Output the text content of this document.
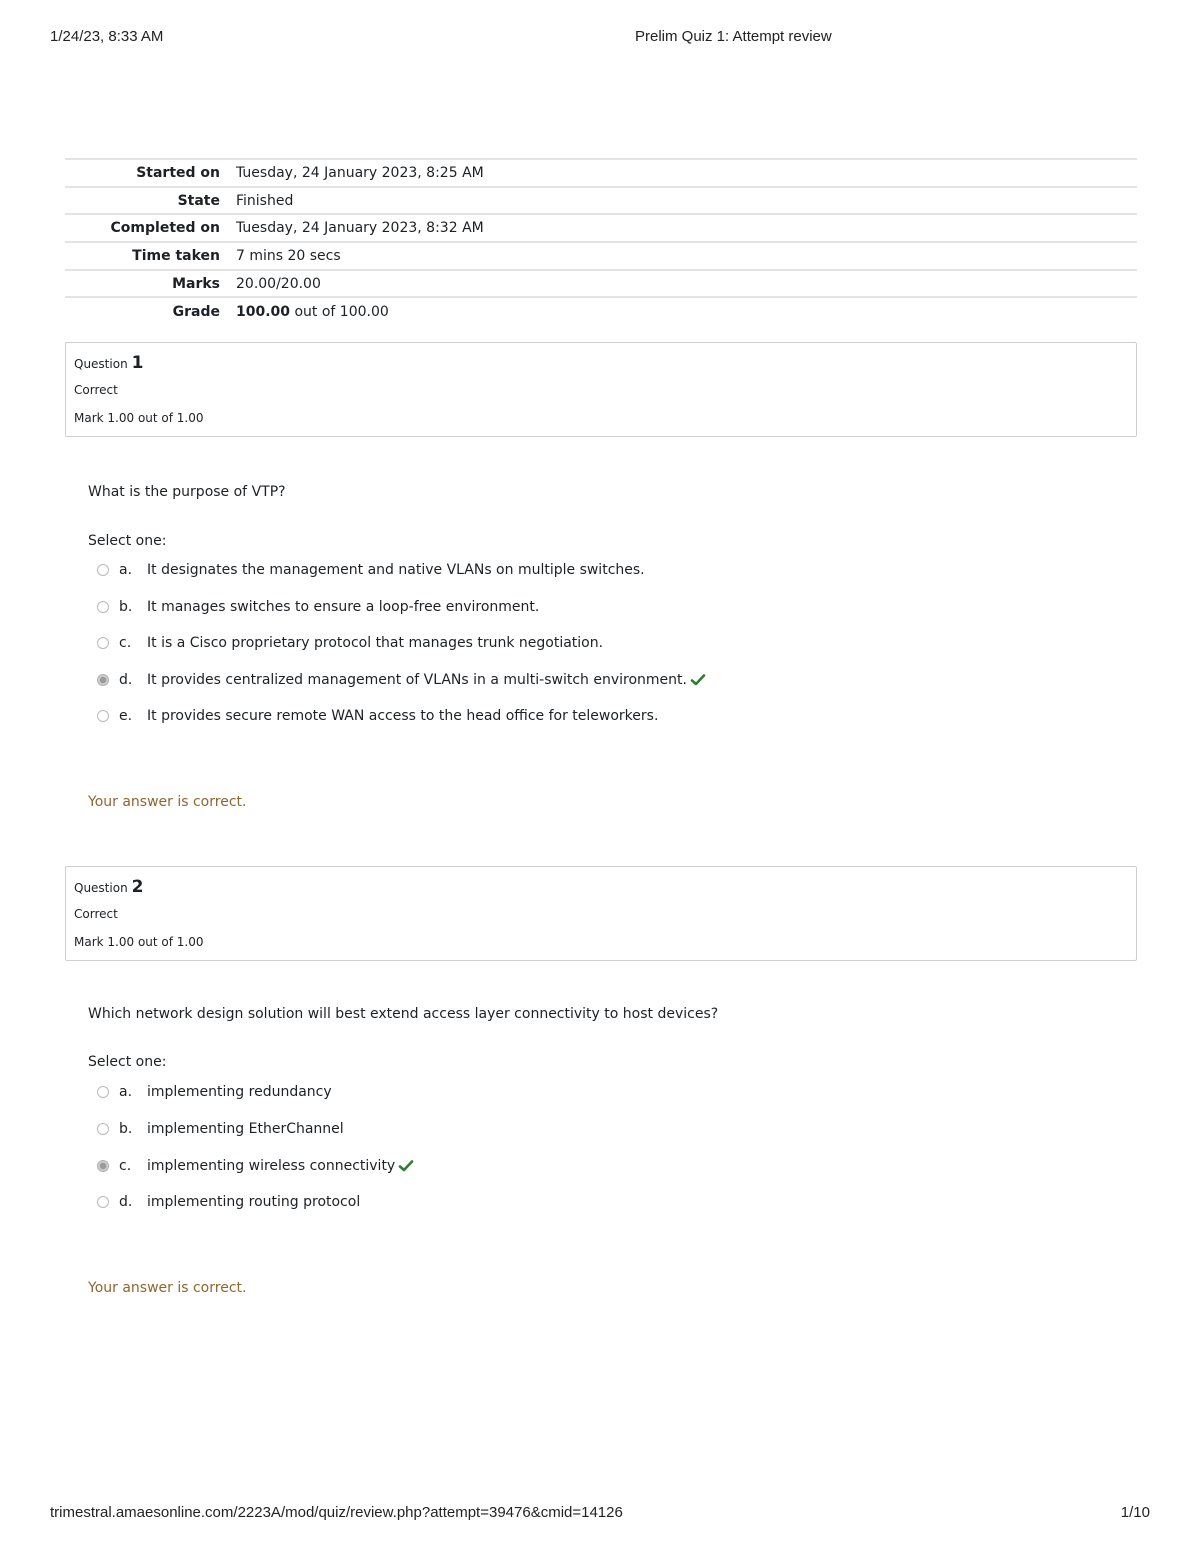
1/24/23, 8:33 AM	Prelim Quiz 1: Attempt review
Started on	Tuesday, 24 January 2023, 8:25 AM
State	Finished
Completed on	Tuesday, 24 January 2023, 8:32 AM
Time taken	7 mins 20 secs
Marks	20.00/20.00
Grade	100.00 out of 100.00
Question 1
Correct
Mark 1.00 out of 1.00
What is the purpose of VTP?
Select one:
a.	It designates the management and native VLANs on multiple switches.
b.	It manages switches to ensure a loop-free environment.
c.	It is a Cisco proprietary protocol that manages trunk negotiation.
d.	It provides centralized management of VLANs in a multi-switch environment.
e.	It provides secure remote WAN access to the head office for teleworkers.
Your answer is correct.
Question 2
Correct
Mark 1.00 out of 1.00
Which network design solution will best extend access layer connectivity to host devices?
Select one:
a.	implementing redundancy
b.	implementing EtherChannel
c.	implementing wireless connectivity
d.	implementing routing protocol
Your answer is correct.
trimestral.amaesonline.com/2223A/mod/quiz/review.php?attempt=39476&cmid=14126	1/10
